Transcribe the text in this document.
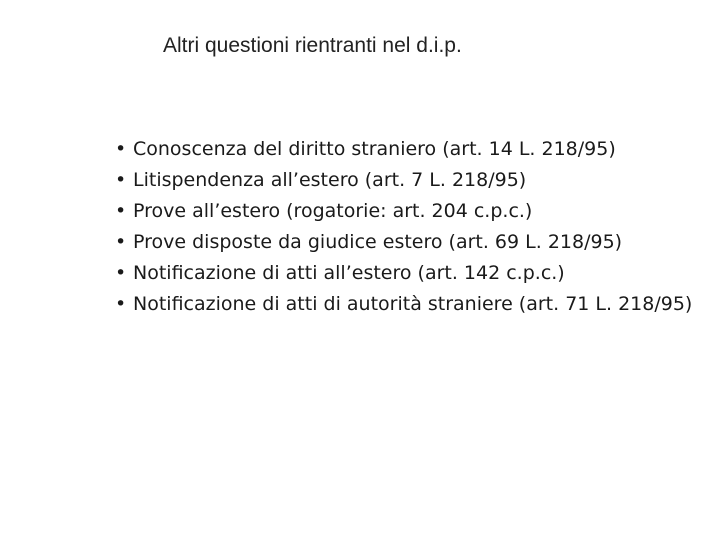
Altri questioni rientranti nel d.i.p.
• Conoscenza del diritto straniero (art. 14 L. 218/95)
• Litispendenza all’estero (art. 7 L. 218/95)
• Prove all’estero (rogatorie: art. 204 c.p.c.)
• Prove disposte da giudice estero (art. 69 L. 218/95)
• Notificazione di atti all’estero (art. 142 c.p.c.)
• Notificazione di atti di autorità straniere (art. 71 L. 218/95)
